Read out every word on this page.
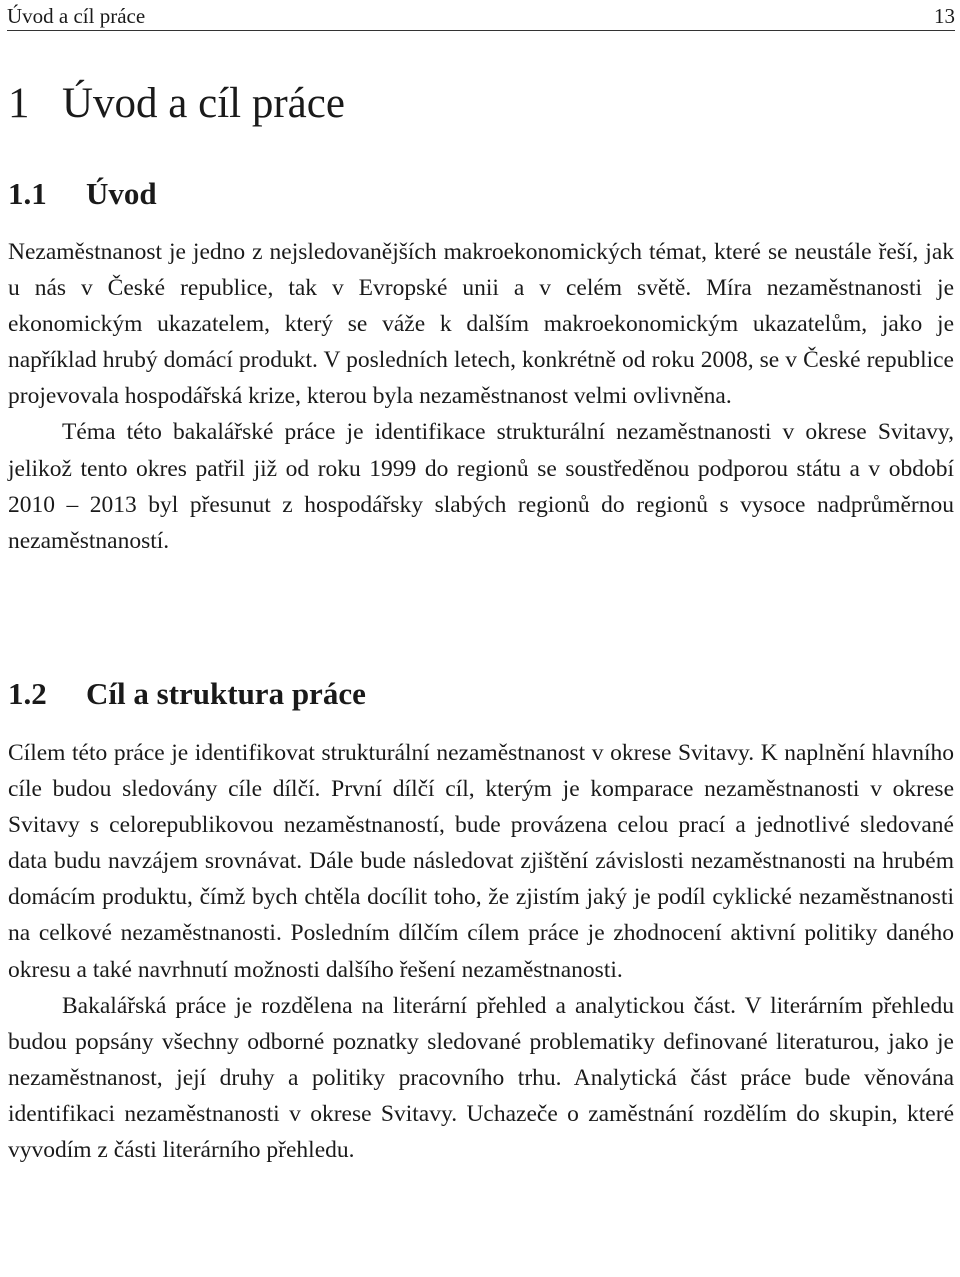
Úvod a cíl práce	13
1 Úvod a cíl práce
1.1 Úvod

Nezaměstnanost je jedno z nejsledovanějších makroekonomických témat, které se neustále řeší, jak u nás v České republice, tak v Evropské unii a v celém světě. Míra nezaměstnanosti je ekonomickým ukazatelem, který se váže k dalším makroekonomickým ukazatelům, jako je například hrubý domácí produkt. V posledních letech, konkrétně od roku 2008, se v České republice projevovala hospodářská krize, kterou byla nezaměstnanost velmi ovlivněna.

Téma této bakalářské práce je identifikace strukturální nezaměstnanosti v okrese Svitavy, jelikož tento okres patřil již od roku 1999 do regionů se soustředěnou podporou státu a v období 2010 – 2013 byl přesunut z hospodářsky slabých regionů do regionů s vysoce nadprůměrnou nezaměstnaností.

1.2 Cíl a struktura práce

Cílem této práce je identifikovat strukturální nezaměstnanost v okrese Svitavy. K naplnění hlavního cíle budou sledovány cíle dílčí. První dílčí cíl, kterým je komparace nezaměstnanosti v okrese Svitavy s celorepublikovou nezaměstnaností, bude provázena celou prací a jednotlivé sledované data budu navzájem srovnávat. Dále bude následovat zjištění závislosti nezaměstnanosti na hrubém domácím produktu, čímž bych chtěla docílit toho, že zjistím jaký je podíl cyklické nezaměstnanosti na celkové nezaměstnanosti. Posledním dílčím cílem práce je zhodnocení aktivní politiky daného okresu a také navrhnutí možnosti dalšího řešení nezaměstnanosti.

Bakalářská práce je rozdělena na literární přehled a analytickou část. V literárním přehledu budou popsány všechny odborné poznatky sledované problematiky definované literaturou, jako je nezaměstnanost, její druhy a politiky pracovního trhu. Analytická část práce bude věnována identifikaci nezaměstnanosti v okrese Svitavy. Uchazeče o zaměstnání rozdělím do skupin, které vyvodím z části literárního přehledu.
